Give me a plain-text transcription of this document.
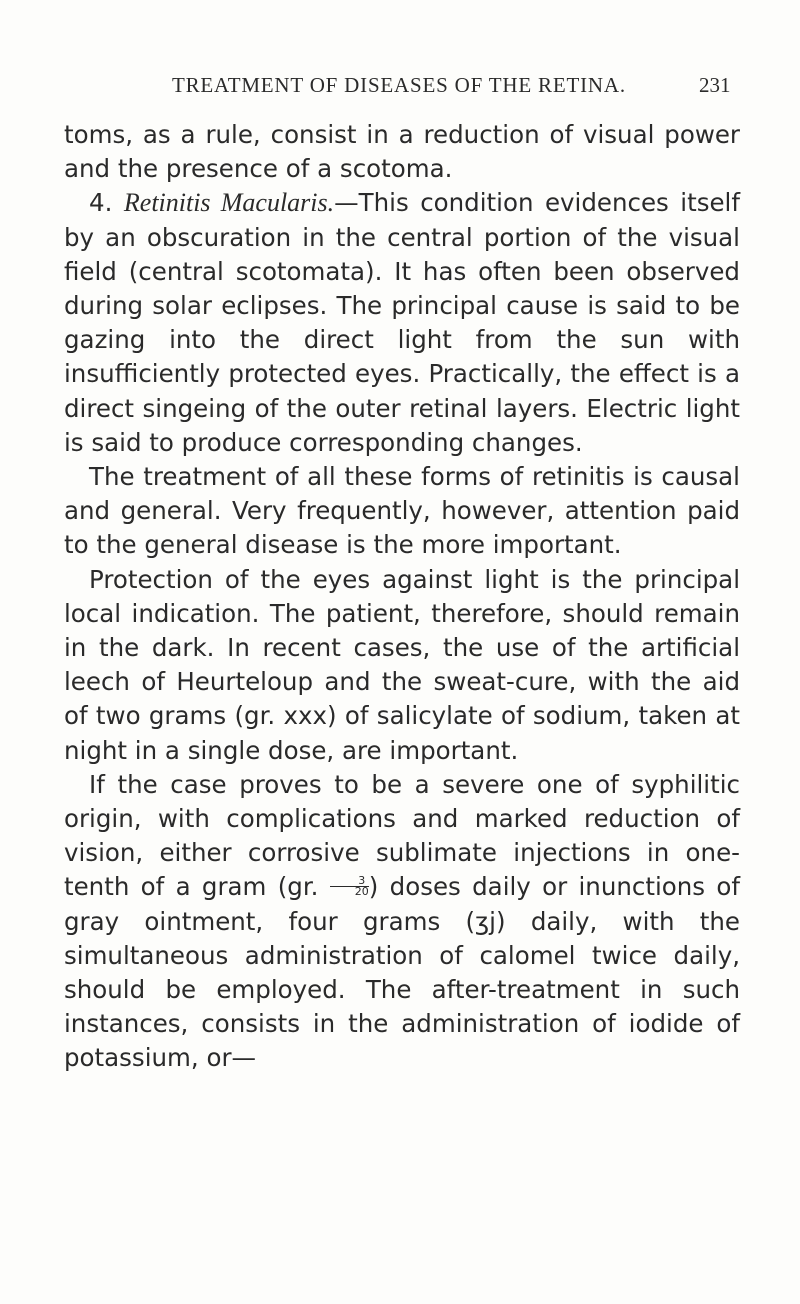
TREATMENT OF DISEASES OF THE RETINA.	231

toms, as a rule, consist in a reduction of visual power and the presence of a scotoma.

4. Retinitis Macularis.—This condition evidences itself by an obscuration in the central portion of the visual field (central scotomata). It has often been observed during solar eclipses. The principal cause is said to be gazing into the direct light from the sun with insufficiently protected eyes. Practically, the effect is a direct singeing of the outer retinal layers. Electric light is said to produce corresponding changes.

The treatment of all these forms of retinitis is causal and general. Very frequently, however, attention paid to the general disease is the more important.

Protection of the eyes against light is the principal local indication. The patient, therefore, should remain in the dark. In recent cases, the use of the artificial leech of Heurteloup and the sweat-cure, with the aid of two grams (gr. xxx) of salicylate of sodium, taken at night in a single dose, are important.

If the case proves to be a severe one of syphilitic origin, with complications and marked reduction of vision, either corrosive sublimate injections in one-tenth of a gram (gr. $\frac{3}{20}$ ) doses daily or inunctions of gray ointment, four grams (ʒj) daily, with the simultaneous administration of calomel twice daily, should be employed. The after-treatment in such instances, consists in the administration of iodide of potassium, or—
